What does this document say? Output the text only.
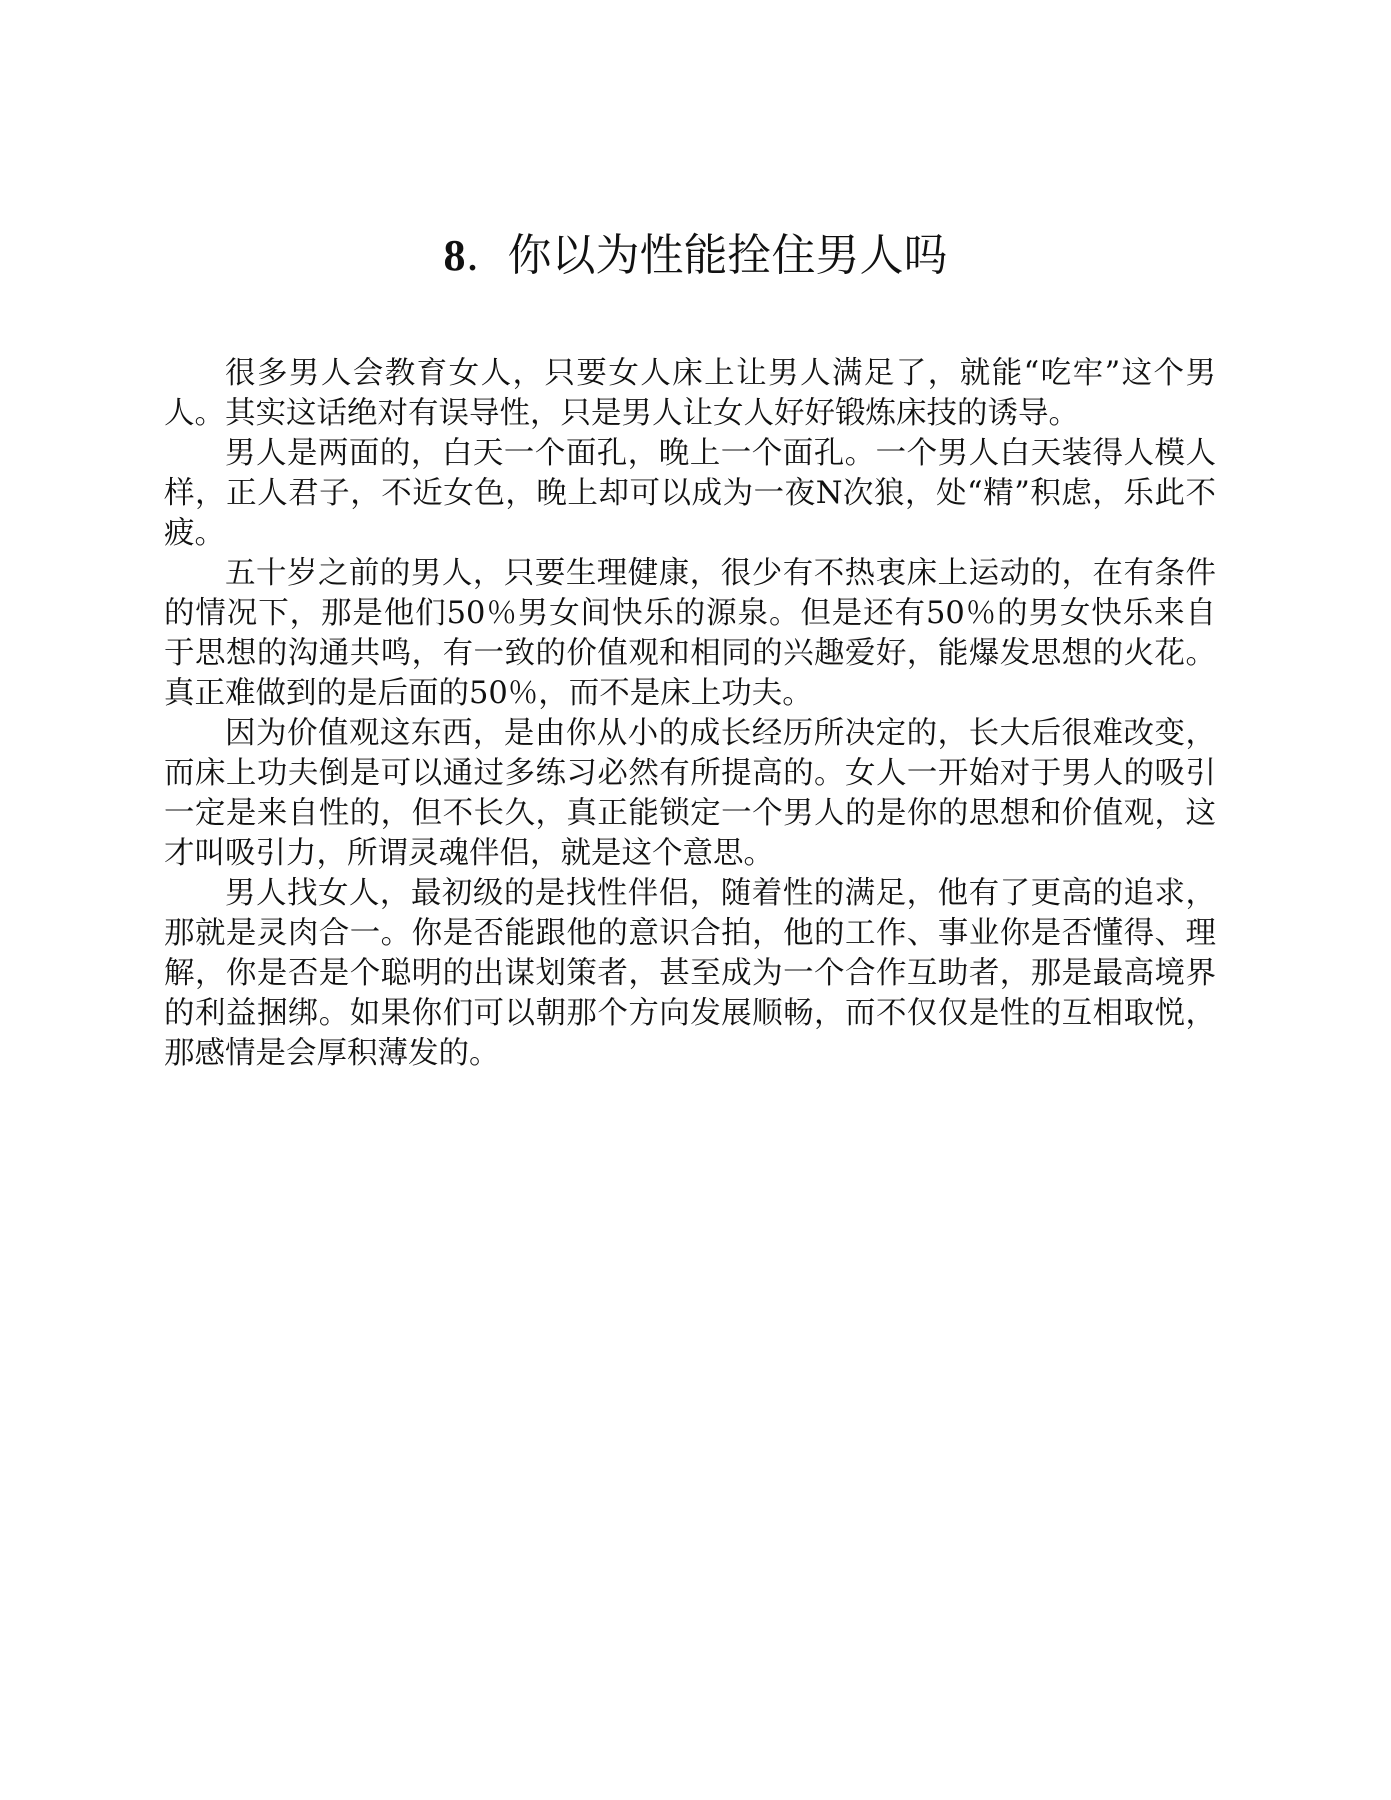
8. 你以为性能拴住男人吗

很多男人会教育女人，只要女人床上让男人满足了，就能“吃牢”这个男人。其实这话绝对有误导性，只是男人让女人好好锻炼床技的诱导。

男人是两面的，白天一个面孔，晚上一个面孔。一个男人白天装得人模人样，正人君子，不近女色，晚上却可以成为一夜N次狼，处“精”积虑，乐此不疲。

五十岁之前的男人，只要生理健康，很少有不热衷床上运动的，在有条件的情况下，那是他们50％男女间快乐的源泉。但是还有50％的男女快乐来自于思想的沟通共鸣，有一致的价值观和相同的兴趣爱好，能爆发思想的火花。真正难做到的是后面的50％，而不是床上功夫。

因为价值观这东西，是由你从小的成长经历所决定的，长大后很难改变，而床上功夫倒是可以通过多练习必然有所提高的。女人一开始对于男人的吸引一定是来自性的，但不长久，真正能锁定一个男人的是你的思想和价值观，这才叫吸引力，所谓灵魂伴侣，就是这个意思。

男人找女人，最初级的是找性伴侣，随着性的满足，他有了更高的追求，那就是灵肉合一。你是否能跟他的意识合拍，他的工作、事业你是否懂得、理解，你是否是个聪明的出谋划策者，甚至成为一个合作互助者，那是最高境界的利益捆绑。如果你们可以朝那个方向发展顺畅，而不仅仅是性的互相取悦，那感情是会厚积薄发的。
